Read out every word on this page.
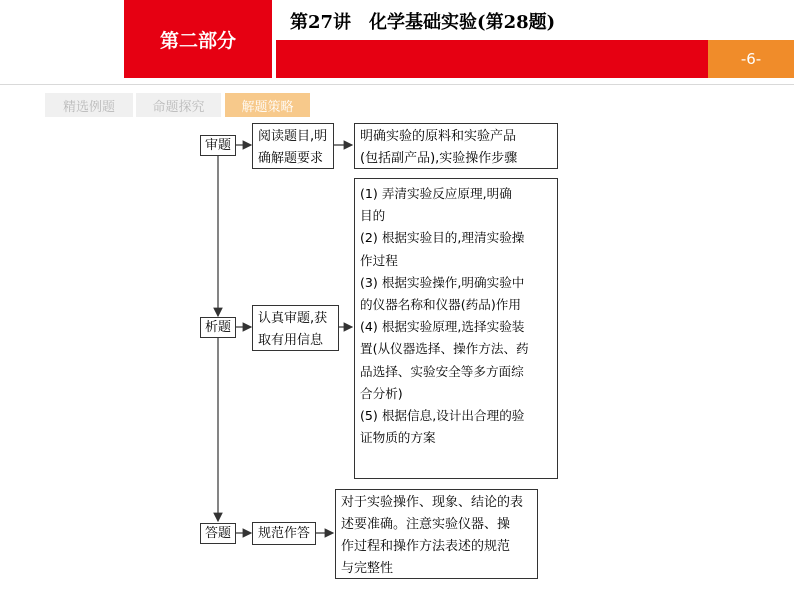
第二部分
第27讲　化学基础实验(第28题)
-6-
精选例题	命题探究	解题策略
审题
阅读题目,明
确解题要求
明确实验的原料和实验产品
(包括副产品),实验操作步骤
析题
认真审题,获
取有用信息
(1) 弄清实验反应原理,明确
目的
(2) 根据实验目的,理清实验操
作过程
(3) 根据实验操作,明确实验中
的仪器名称和仪器(药品)作用
(4) 根据实验原理,选择实验装
置(从仪器选择、操作方法、药
品选择、实验安全等多方面综
合分析)
(5) 根据信息,设计出合理的验
证物质的方案
答题	规范作答
对于实验操作、现象、结论的表
述要准确。注意实验仪器、操
作过程和操作方法表述的规范
与完整性
